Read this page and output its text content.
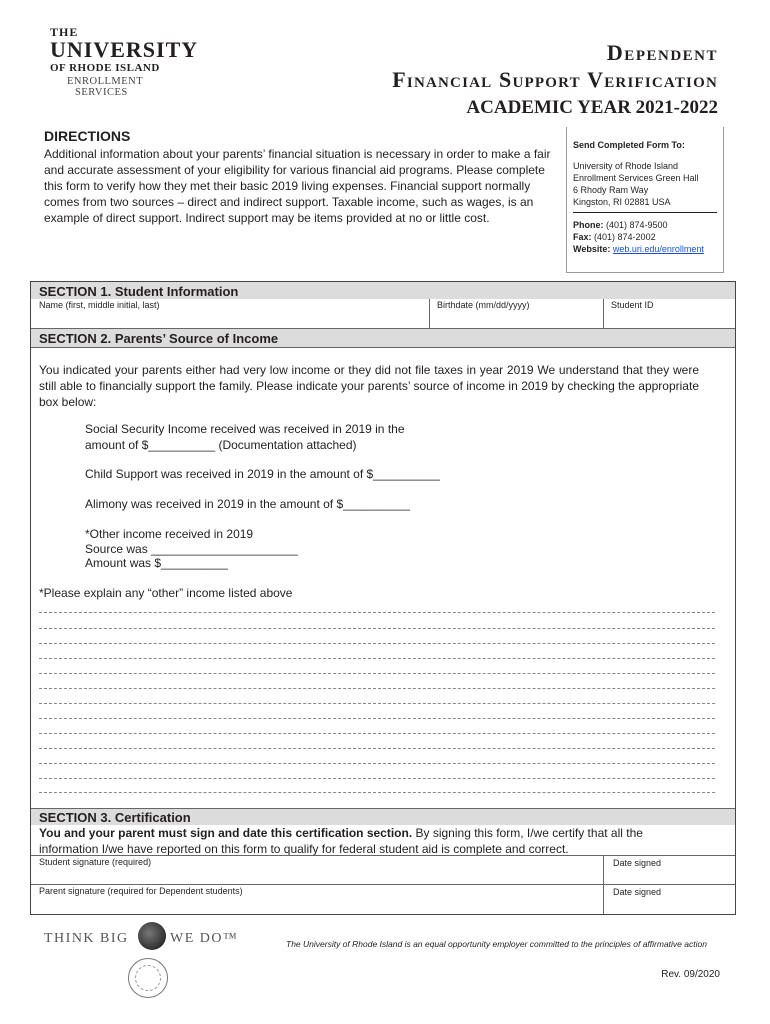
THE
UNIVERSITY
OF RHODE ISLAND
ENROLLMENT
SERVICES
Dependent
Financial Support Verification
ACADEMIC YEAR 2021-2022
DIRECTIONS
Additional information about your parents’ financial situation is necessary in order to make a fair and accurate assessment of your eligibility for various financial aid programs. Please complete this form to verify how they met their basic 2019 living expenses. Financial support normally comes from two sources – direct and indirect support. Taxable income, such as wages, is an example of direct support. Indirect support may be items provided at no or little cost.
Send Completed Form To:
University of Rhode Island
Enrollment Services Green Hall
6 Rhody Ram Way
Kingston, RI 02881 USA
Phone: (401) 874-9500
Fax: (401) 874-2002
Website: web.uri.edu/enrollment
SECTION 1. Student Information
Name (first, middle initial, last)	Birthdate (mm/dd/yyyy)	Student ID
SECTION 2. Parents’ Source of Income
You indicated your parents either had very low income or they did not file taxes in year 2019 We understand that they were still able to financially support the family. Please indicate your parents’ source of income in 2019 by checking the appropriate box below:
Social Security Income received was received in 2019 in the
amount of $__________ (Documentation attached)
Child Support was received in 2019 in the amount of $__________
Alimony was received in 2019 in the amount of $__________
*Other income received in 2019
Source was ______________________
Amount was $__________
*Please explain any “other” income listed above
SECTION 3. Certification
You and your parent must sign and date this certification section. By signing this form, I/we certify that all the
information I/we have reported on this form to qualify for federal student aid is complete and correct.
Student signature (required)	Date signed
Parent signature (required for Dependent students)	Date signed
THINK BIG	WE DO™	The University of Rhode Island is an equal opportunity employer committed to the principles of affirmative action
Rev. 09/2020
